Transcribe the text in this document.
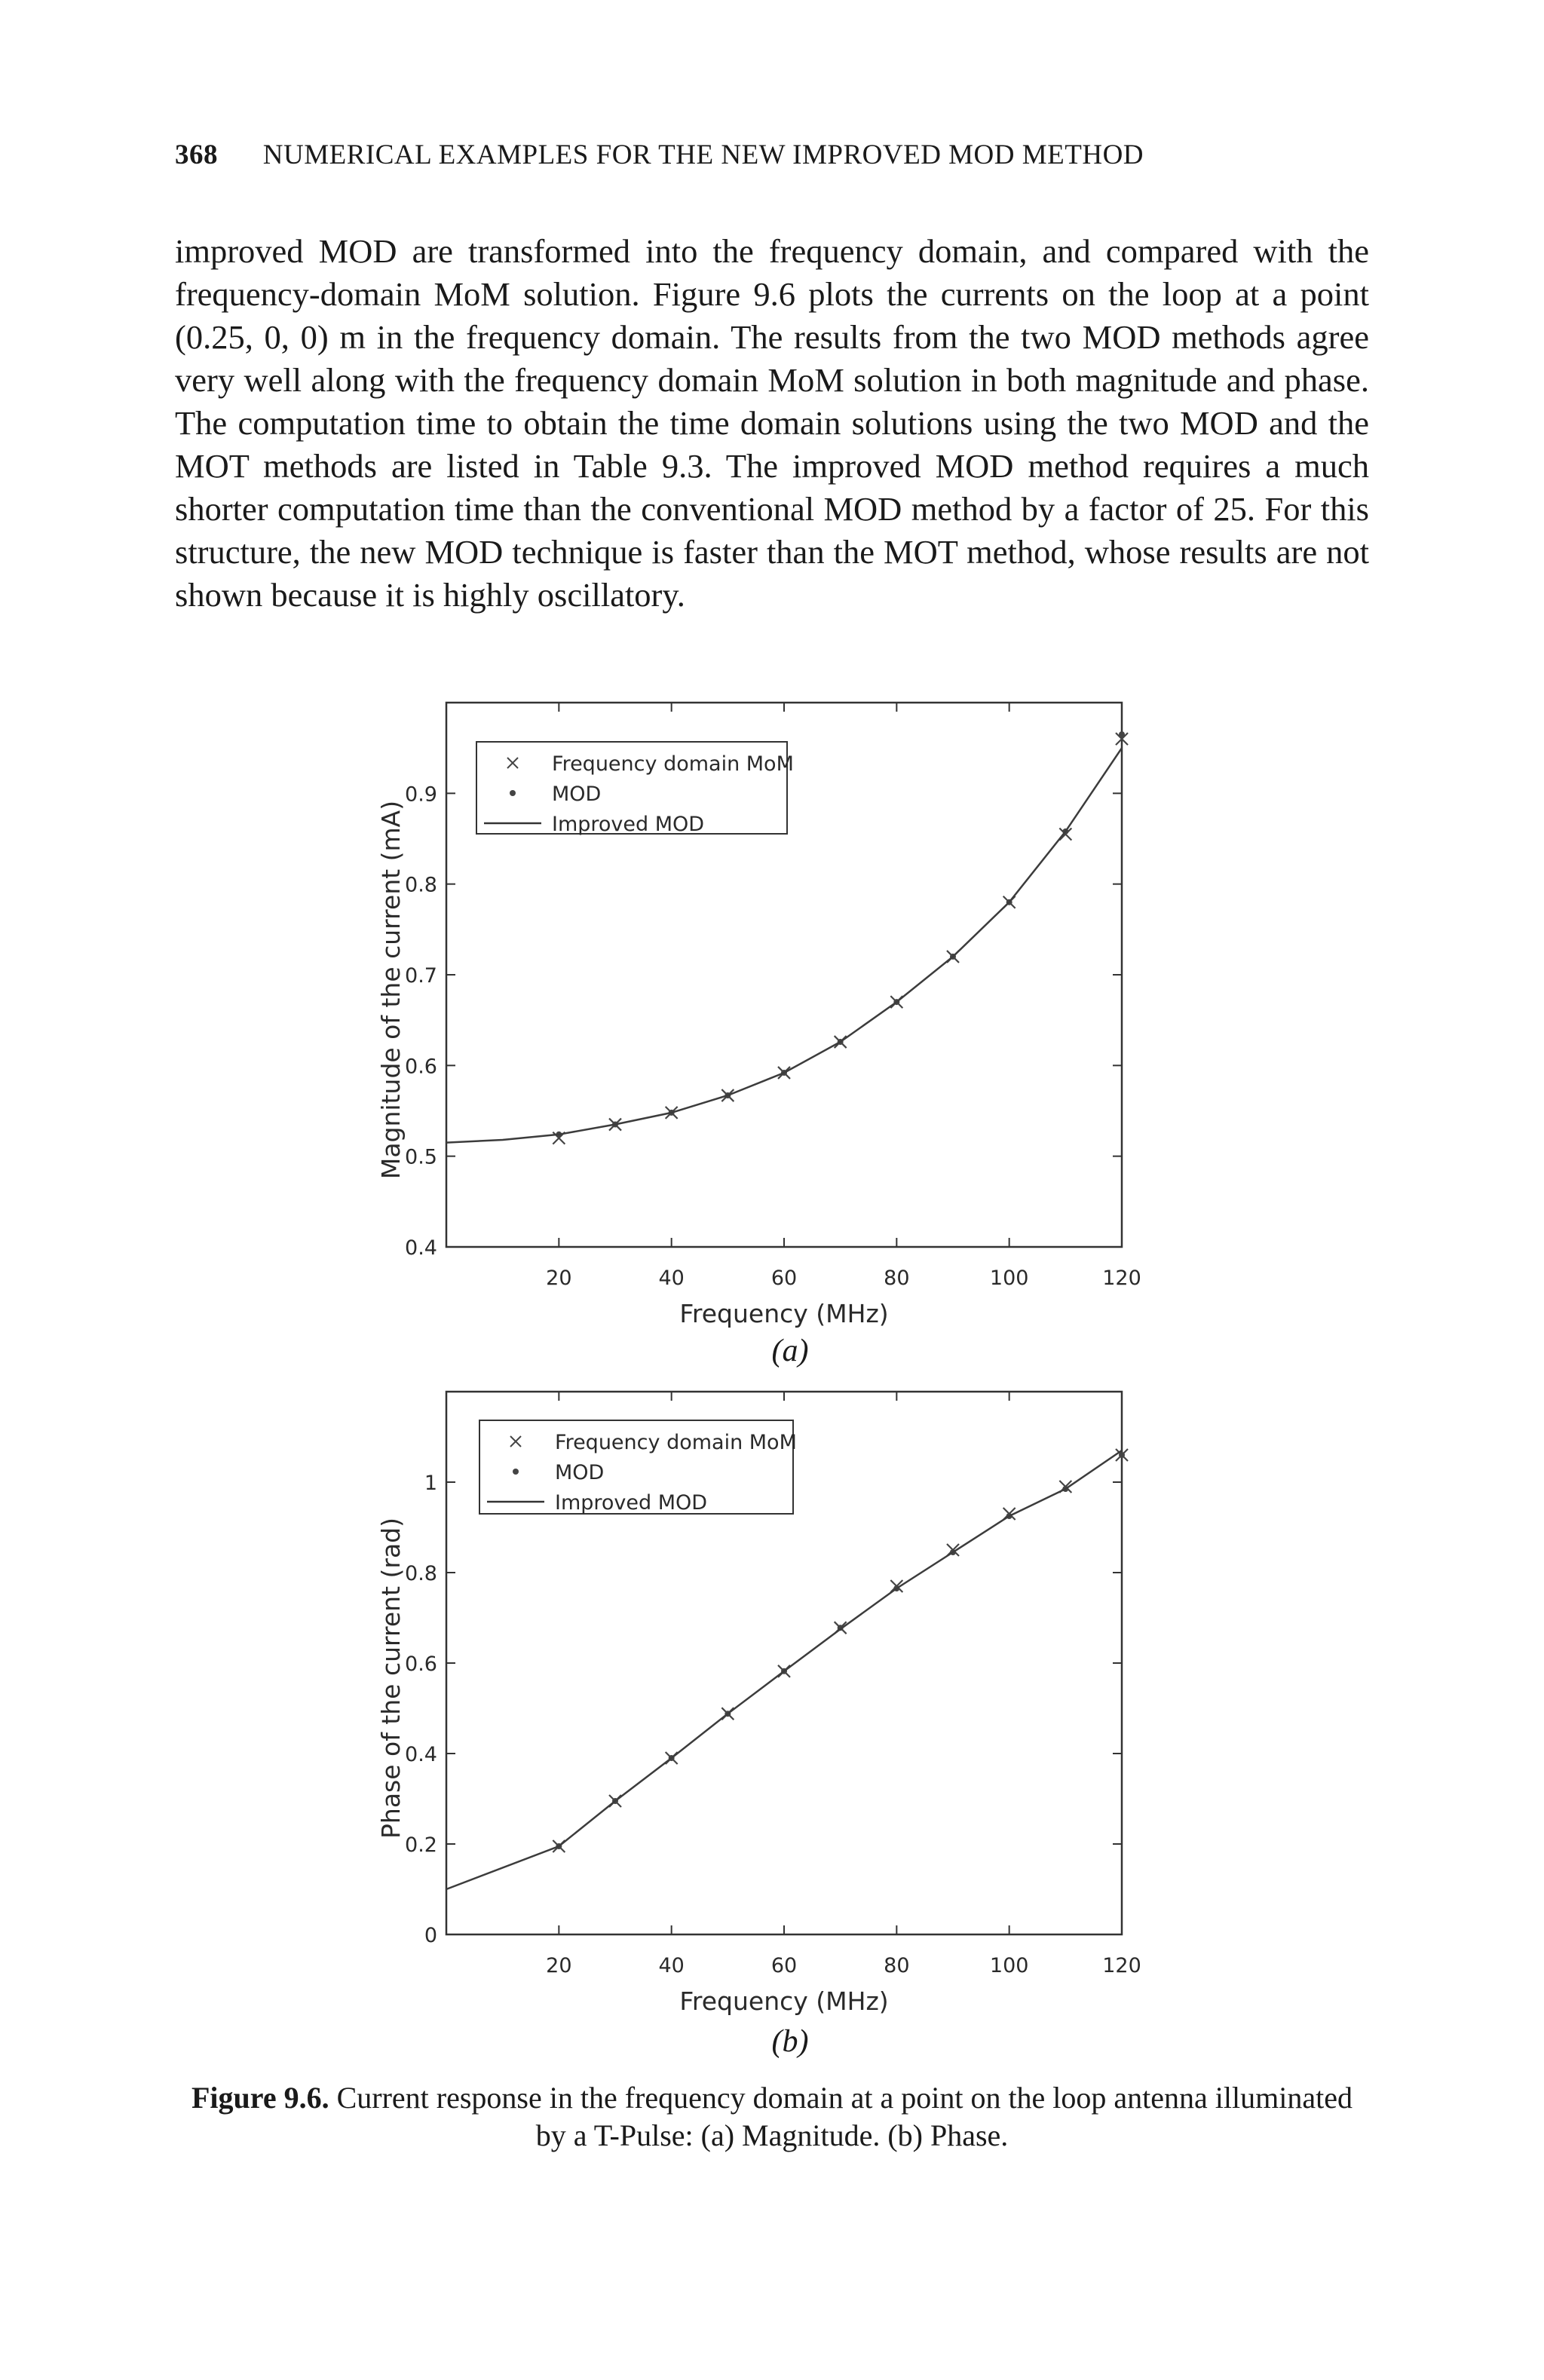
368 NUMERICAL EXAMPLES FOR THE NEW IMPROVED MOD METHOD

improved MOD are transformed into the frequency domain, and compared with the frequency-domain MoM solution. Figure 9.6 plots the currents on the loop at a point (0.25, 0, 0) m in the frequency domain. The results from the two MOD methods agree very well along with the frequency domain MoM solution in both magnitude and phase. The computation time to obtain the time domain solutions using the two MOD and the MOT methods are listed in Table 9.3. The improved MOD method requires a much shorter computation time than the conventional MOD method by a factor of 25. For this structure, the new MOD technique is faster than the MOT method, whose results are not shown because it is highly oscillatory.

20	40	60	80	100	120
0.4
0.5
0.6
0.7
0.8
0.9
Frequency (MHz)
Magnitude of the current (mA)
Frequency domain MoM
MOD
Improved MOD
20	40	60	80	100	120
0
0.2
0.4
0.6
0.8
1
Frequency (MHz)
Phase of the current (rad)
Frequency domain MoM
MOD
Improved MOD
(a)
(b)
Figure 9.6. Current response in the frequency domain at a point on the loop antenna illuminated by a T-Pulse: (a) Magnitude. (b) Phase.
